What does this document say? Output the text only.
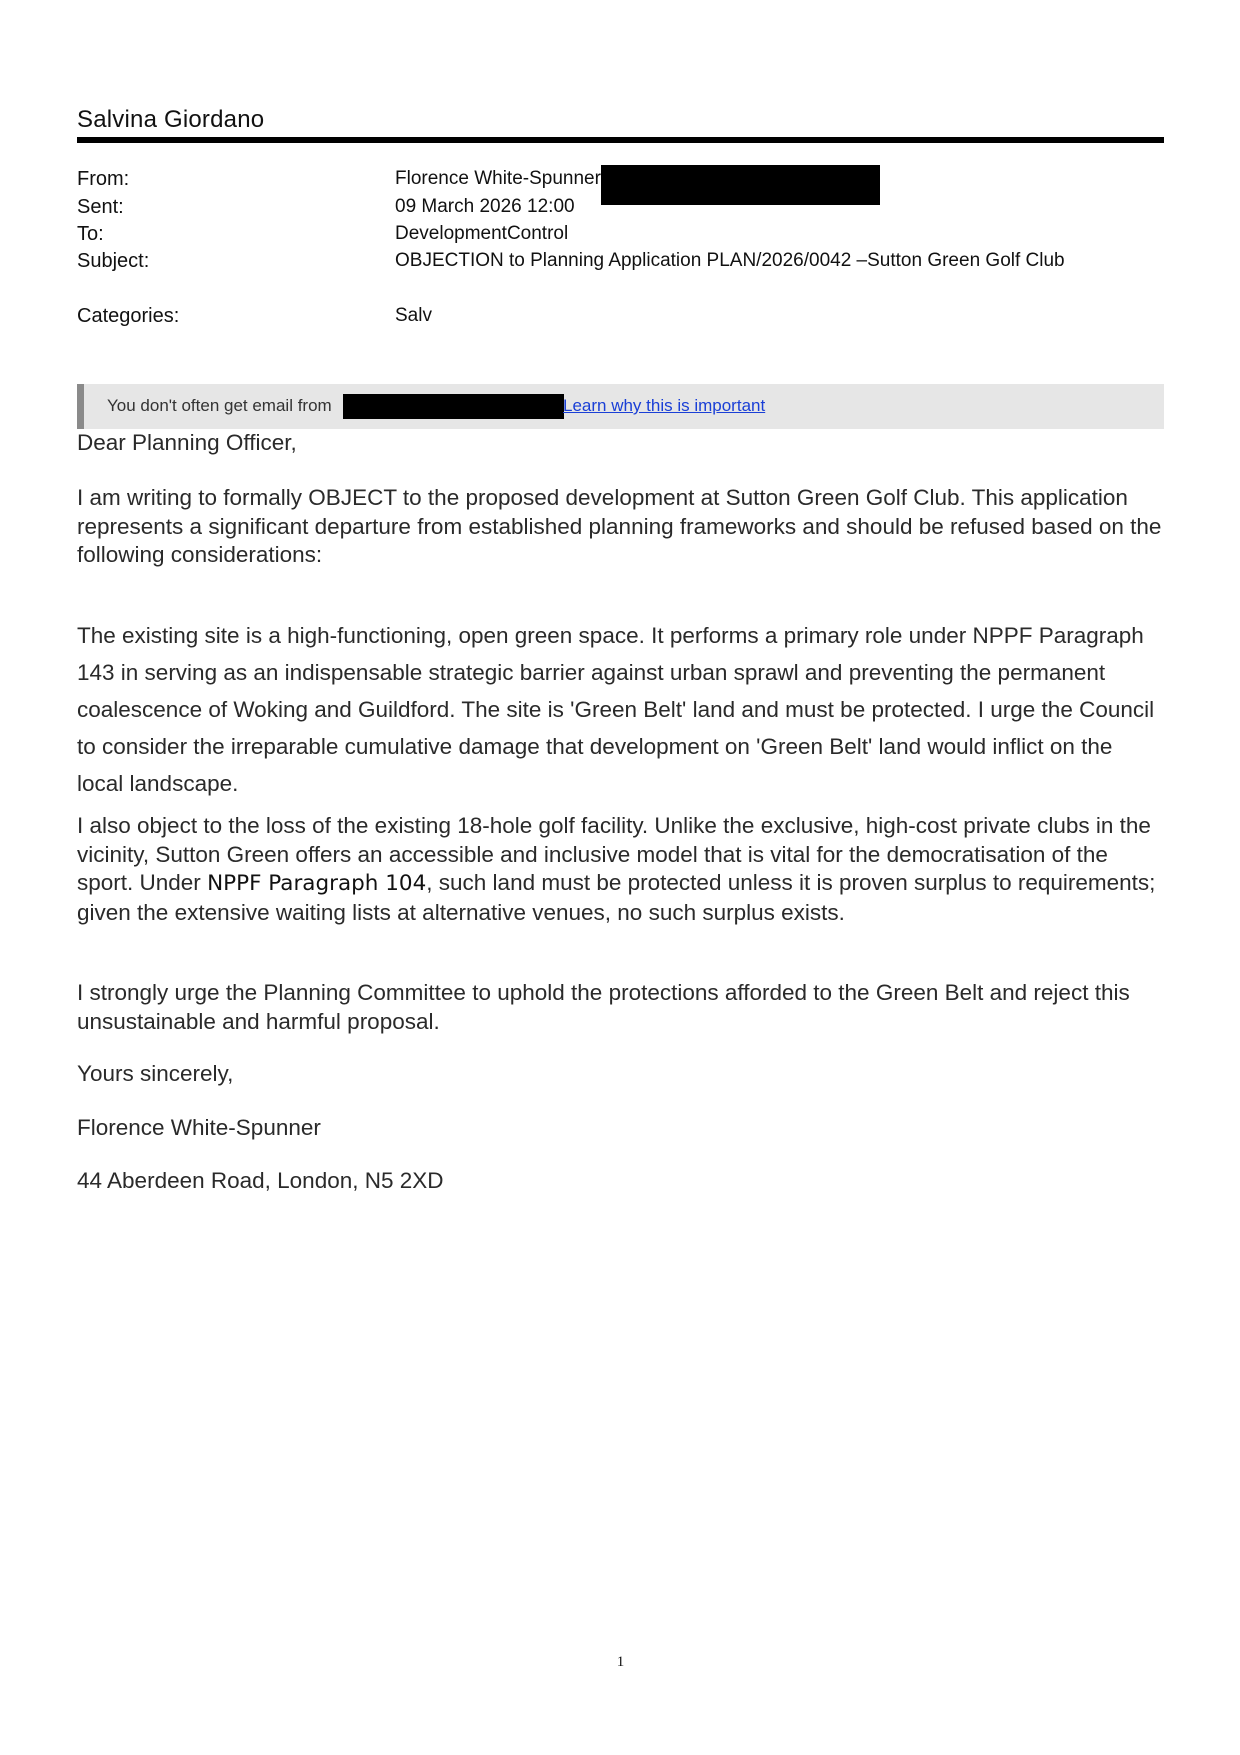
Salvina Giordano
From:	Florence White-Spunner
Sent:	09 March 2026 12:00
To:	DevelopmentControl
Subject:	OBJECTION to Planning Application PLAN/2026/0042 –Sutton Green Golf Club
Categories:	Salv
You don't often get email from	Learn why this is important
Dear Planning Officer,
I am writing to formally OBJECT to the proposed development at Sutton Green Golf Club. This application represents a significant departure from established planning frameworks and should be refused based on the following considerations:
The existing site is a high-functioning, open green space. It performs a primary role under NPPF Paragraph 143 in serving as an indispensable strategic barrier against urban sprawl and preventing the permanent coalescence of Woking and Guildford. The site is 'Green Belt' land and must be protected. I urge the Council to consider the irreparable cumulative damage that development on 'Green Belt' land would inflict on the local landscape.
I also object to the loss of the existing 18-hole golf facility. Unlike the exclusive, high-cost private clubs in the vicinity, Sutton Green offers an accessible and inclusive model that is vital for the democratisation of the sport. Under NPPF Paragraph 104, such land must be protected unless it is proven surplus to requirements; given the extensive waiting lists at alternative venues, no such surplus exists.
I strongly urge the Planning Committee to uphold the protections afforded to the Green Belt and reject this unsustainable and harmful proposal.
Yours sincerely,
Florence White-Spunner
44 Aberdeen Road, London, N5 2XD
1
